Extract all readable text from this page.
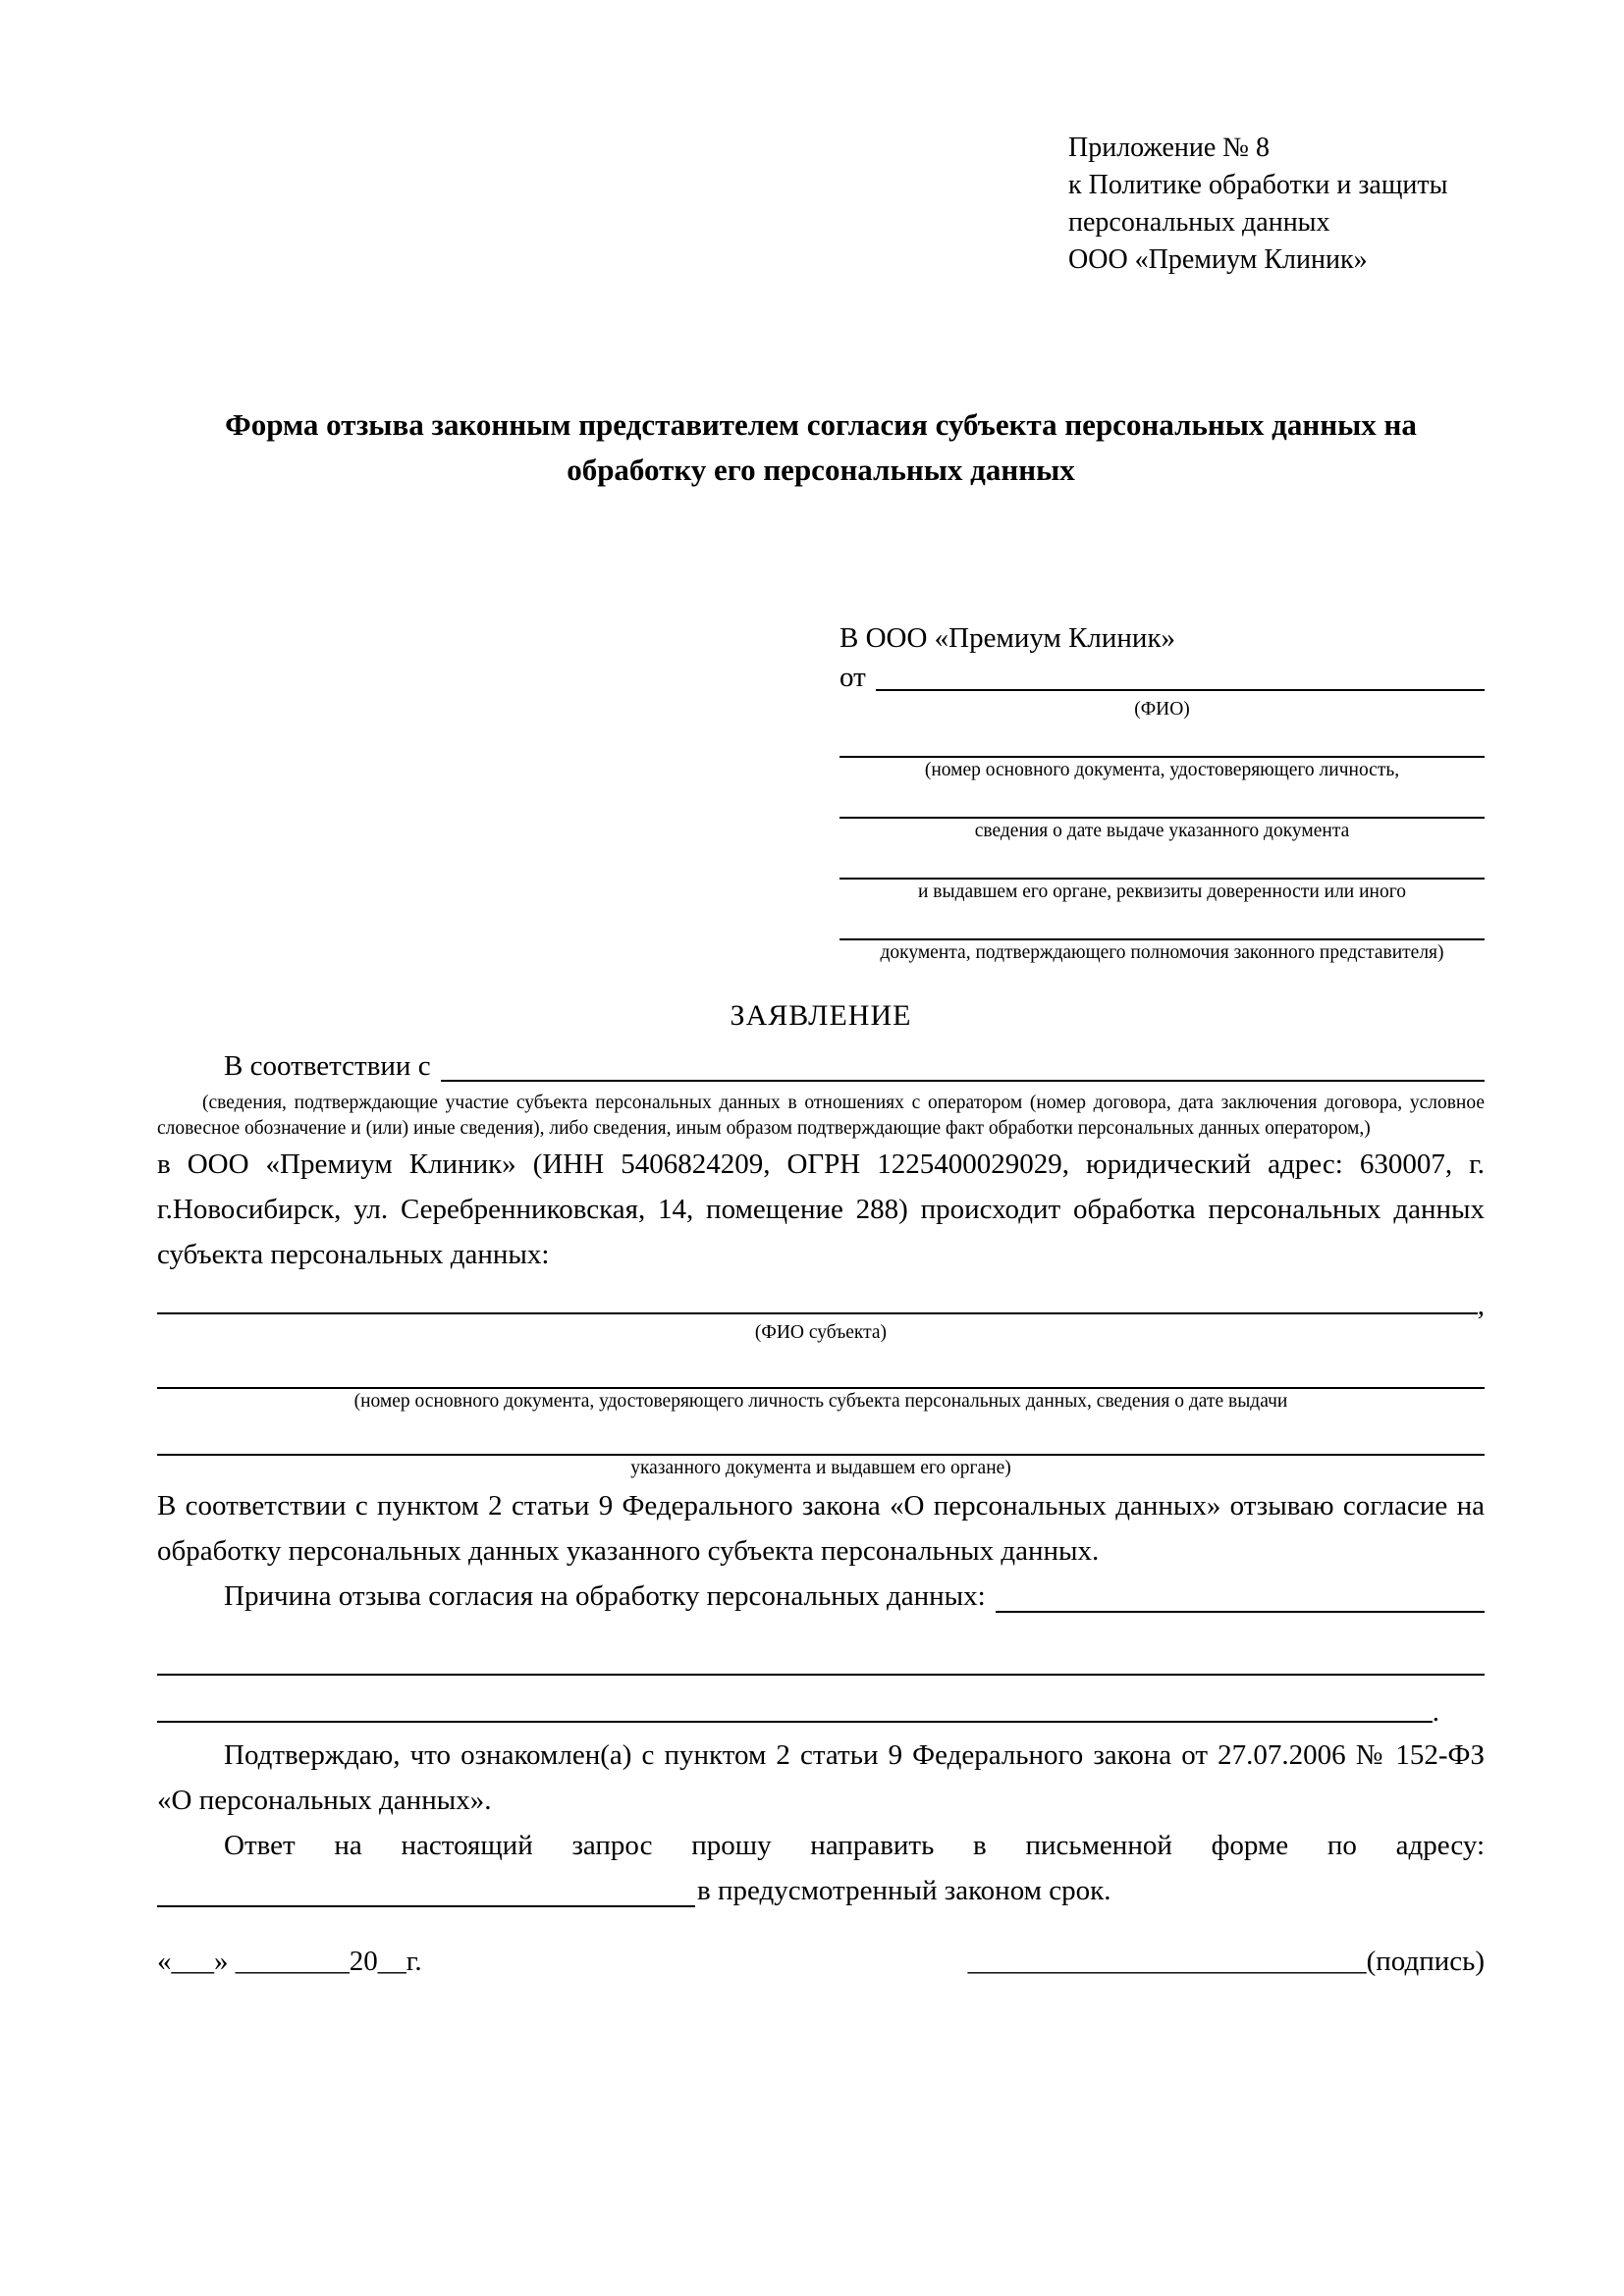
Приложение № 8
к Политике обработки и защиты
персональных данных
ООО «Премиум Клиник»
Форма отзыва законным представителем согласия субъекта персональных данных на обработку его персональных данных
В ООО «Премиум Клиник»
от
(ФИО)
(номер основного документа, удостоверяющего личность,
сведения о дате выдаче указанного документа
и выдавшем его органе, реквизиты доверенности или иного
документа, подтверждающего полномочия законного представителя)
ЗАЯВЛЕНИЕ
В соответствии с
(сведения, подтверждающие участие субъекта персональных данных в отношениях с оператором (номер договора, дата заключения договора, условное словесное обозначение и (или) иные сведения), либо сведения, иным образом подтверждающие факт обработки персональных данных оператором,)
в ООО «Премиум Клиник» (ИНН 5406824209, ОГРН 1225400029029, юридический адрес: 630007, г. г.Новосибирск, ул. Серебренниковская, 14, помещение 288) происходит обработка персональных данных субъекта персональных данных:
,
(ФИО субъекта)
(номер основного документа, удостоверяющего личность субъекта персональных данных, сведения о дате выдачи
указанного документа и выдавшем его органе)
В соответствии с пунктом 2 статьи 9 Федерального закона «О персональных данных» отзываю согласие на обработку персональных данных указанного субъекта персональных данных.
Причина отзыва согласия на обработку персональных данных:
.
Подтверждаю, что ознакомлен(а) с пунктом 2 статьи 9 Федерального закона от 27.07.2006 № 152-ФЗ «О персональных данных».
Ответ на настоящий запрос прошу направить в письменной форме по адресу:
в предусмотренный законом срок.
«___» ________20__г.	____________________________(подпись)
